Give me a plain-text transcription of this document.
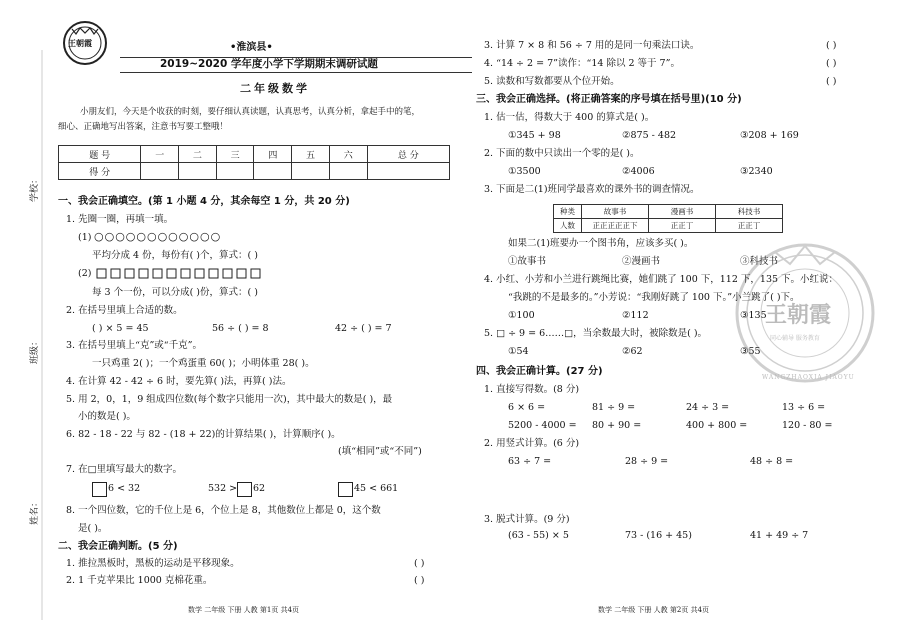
学校：
班级：
姓名：
王朝霞	•淮滨县•
2019~2020 学年度小学下学期期末调研试题
二年级数学
小朋友们，今天是个收获的时刻，要仔细认真读题，认真思考，认真分析，拿起手中的笔，
细心、正确地写出答案，注意书写要工整哦！
题 号	一	二	三	四	五	六	总 分
得 分							
一、我会正确填空。(第 1 小题 4 分，其余每空 1 分，共 20 分)
1. 先圈一圈，再填一填。
(1) ○○○○○○○○○○○○
平均分成 4 份，每份有( )个，算式：( )
(2)
每 3 个一份，可以分成( )份，算式：( )
2. 在括号里填上合适的数。
( ) × 5 = 45	56 ÷ ( ) = 8	42 ÷ ( ) = 7
3. 在括号里填上“克”或“千克”。
一只鸡重 2( )；一个鸡蛋重 60( )；小明体重 28( )。
4. 在计算 42 - 42 ÷ 6 时，要先算( )法，再算( )法。
5. 用 2，0，1，9 组成四位数(每个数字只能用一次)，其中最大的数是( )，最
小的数是( )。
6. 82 - 18 - 22 与 82 - (18 + 22)的计算结果( )，计算顺序( )。
(填“相同”或“不同”)
7. 在□里填写最大的数字。
6 < 32	532 > 62	45 < 661
8. 一个四位数，它的千位上是 6，个位上是 8，其他数位上都是 0，这个数
是( )。
二、我会正确判断。(5 分)
1. 推拉黑板时，黑板的运动是平移现象。	( )
2. 1 千克苹果比 1000 克棉花重。	( )
数学 二年级 下册 人教 第1页 共4页
3. 计算 7 × 8 和 56 ÷ 7 用的是同一句乘法口诀。	( )
4. “14 ÷ 2 = 7”读作：“14 除以 2 等于 7”。	( )
5. 读数和写数都要从个位开始。	( )
三、我会正确选择。(将正确答案的序号填在括号里)(10 分)
1. 估一估，得数大于 400 的算式是( )。
①345 + 98	②875 - 482	③208 + 169
2. 下面的数中只读出一个零的是( )。
①3500	②4006	③2340
3. 下面是二(1)班同学最喜欢的课外书的调查情况。
种类	故事书	漫画书	科技书
人数	正正正正正下	正正丁	正正丁
如果二(1)班要办一个图书角，应该多买( )。
①故事书	②漫画书	③科技书
4. 小红、小芳和小兰进行跳绳比赛，她们跳了 100 下，112 下，135 下。小红说：
“我跳的不是最多的。”小芳说：“我刚好跳了 100 下。”小兰跳了( )下。
①100	②112	③135
5. □ ÷ 9 = 6……□，当余数最大时，被除数是( )。
①54	②62	③55
四、我会正确计算。(27 分)
1. 直接写得数。(8 分)
6 × 6 =	81 ÷ 9 =	24 ÷ 3 =	13 ÷ 6 =
5200 - 4000 = 80 + 90 =	400 + 800 =	120 - 80 =
2. 用竖式计算。(6 分)
63 ÷ 7 =	28 ÷ 9 =	48 ÷ 8 =
3. 脱式计算。(9 分)
(63 - 55) × 5	73 - (16 + 45)	41 + 49 ÷ 7
数学 二年级 下册 人教 第2页 共4页
王朝霞
同心辅导 服务教育
WANGZHAOXIA JIAOYU
